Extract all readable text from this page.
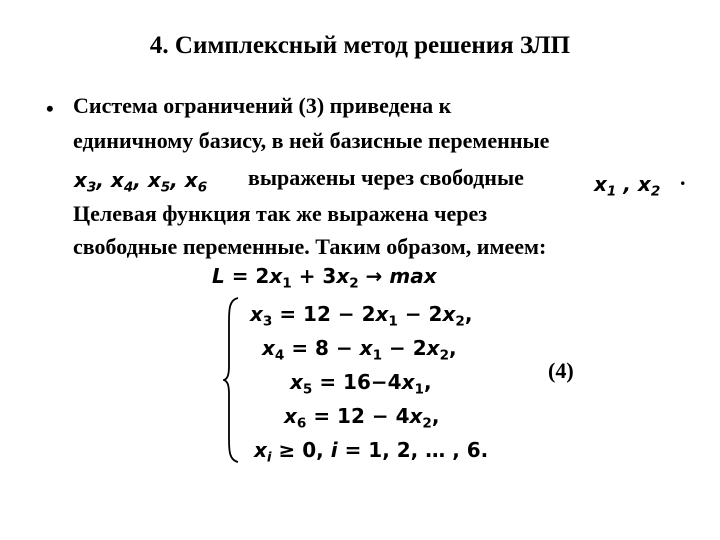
4. Симплексный метод решения ЗЛП
• Система ограничений (3) приведена к
единичному базису, в ней базисные переменные
$x_3$, $x_4$, $x_5$, $x_6$ выражены через свободные	$x_1$ , $x_2$
.
Целевая функция так же выражена через
свободные переменные. Таким образом, имеем:
$L = 2x_1 + 3x_2 \to \max$
$x_3 = 12 - 2x_1 - 2x_2$,
$x_4 = 8 - x_1 - 2x_2$,
$x_5 = 16-4x_1$,
$x_6 = 12 - 4x_2$,
$x_i \ge 0$, i = 1, 2, … , 6.
(4)
